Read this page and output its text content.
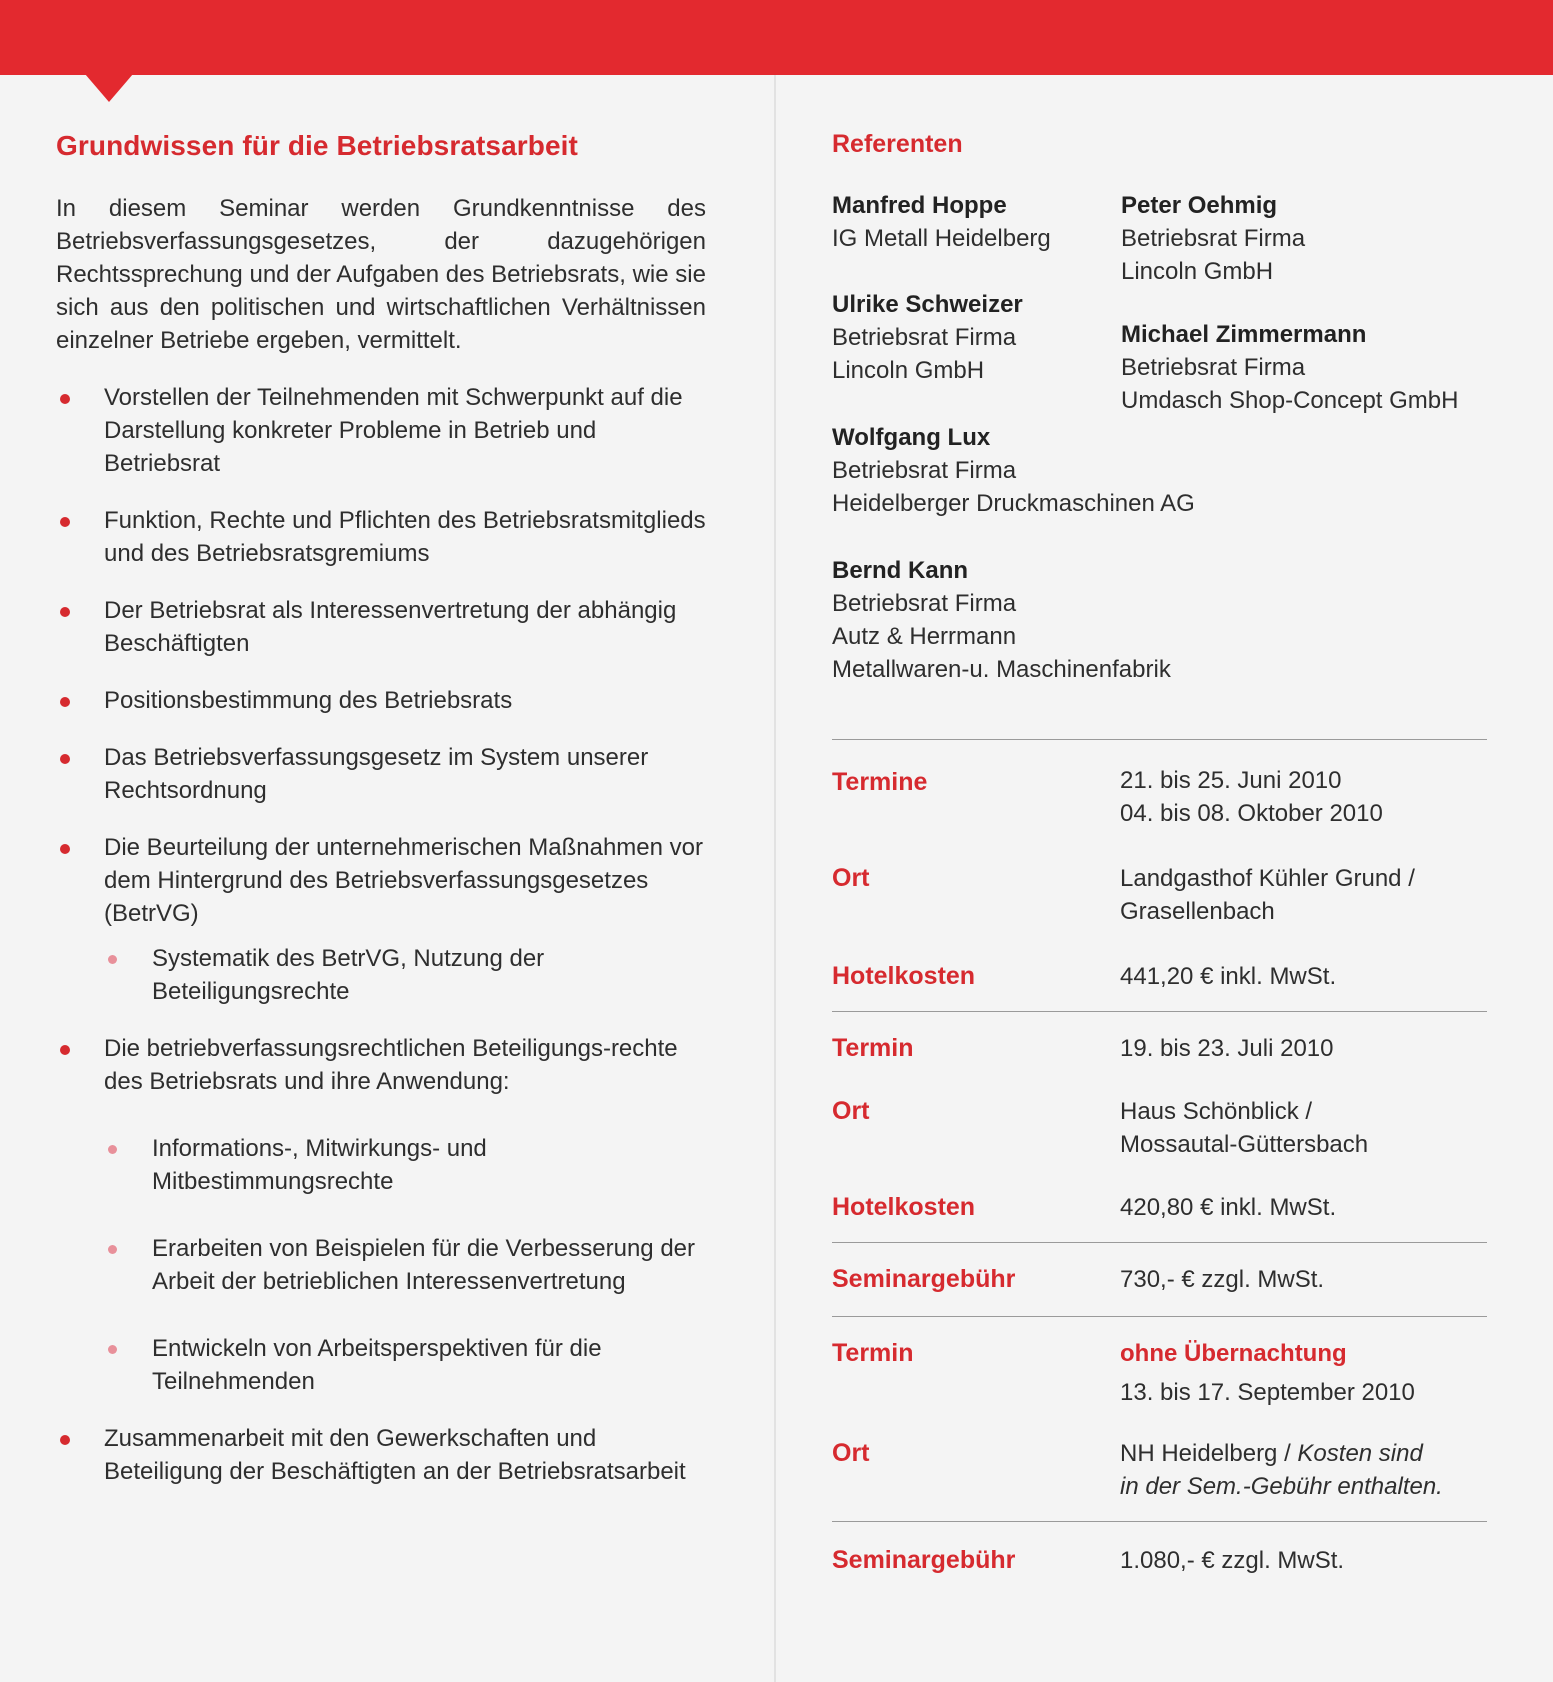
Grundwissen für die Betriebsratsarbeit

In diesem Seminar werden Grundkenntnisse des Betriebsverfassungsgesetzes, der dazugehörigen Rechtssprechung und der Aufgaben des Betriebsrats, wie sie sich aus den politischen und wirtschaftlichen Verhältnissen einzelner Betriebe ergeben, vermittelt.

Vorstellen der Teilnehmenden mit Schwerpunkt auf die Darstellung konkreter Probleme in Betrieb und Betriebsrat
Funktion, Rechte und Pflichten des Betriebsratsmitglieds und des Betriebsratsgremiums
Der Betriebsrat als Interessenvertretung der abhängig Beschäftigten
Positionsbestimmung des Betriebsrats
Das Betriebsverfassungsgesetz im System unserer Rechtsordnung
Die Beurteilung der unternehmerischen Maßnahmen vor dem Hintergrund des Betriebsverfassungsgesetzes (BetrVG)
Systematik des BetrVG, Nutzung der Beteiligungsrechte
Die betriebverfassungsrechtlichen Beteiligungs-rechte des Betriebsrats und ihre Anwendung:
Informations-, Mitwirkungs- und Mitbestimmungsrechte
Erarbeiten von Beispielen für die Verbesserung der Arbeit der betrieblichen Interessenvertretung
Entwickeln von Arbeitsperspektiven für die Teilnehmenden
Zusammenarbeit mit den Gewerkschaften und Beteiligung der Beschäftigten an der Betriebsratsarbeit
Referenten
Manfred Hoppe
IG Metall Heidelberg
Peter Oehmig
Betriebsrat Firma
Lincoln GmbH
Ulrike Schweizer
Betriebsrat Firma
Lincoln GmbH
Michael Zimmermann
Betriebsrat Firma
Umdasch Shop-Concept GmbH
Wolfgang Lux
Betriebsrat Firma
Heidelberger Druckmaschinen AG
Bernd Kann
Betriebsrat Firma
Autz & Herrmann
Metallwaren-u. Maschinenfabrik
Termine	21. bis 25. Juni 2010
04. bis 08. Oktober 2010
Ort	Landgasthof Kühler Grund /
Grasellenbach
Hotelkosten	441,20 € inkl. MwSt.
Termin	19. bis 23. Juli 2010
Ort	Haus Schönblick /
Mossautal-Güttersbach
Hotelkosten	420,80 € inkl. MwSt.
Seminargebühr	730,- € zzgl. MwSt.
Termin	ohne Übernachtung
13. bis 17. September 2010
Ort	NH Heidelberg / Kosten sind
in der Sem.-Gebühr enthalten.
Seminargebühr	1.080,- € zzgl. MwSt.
